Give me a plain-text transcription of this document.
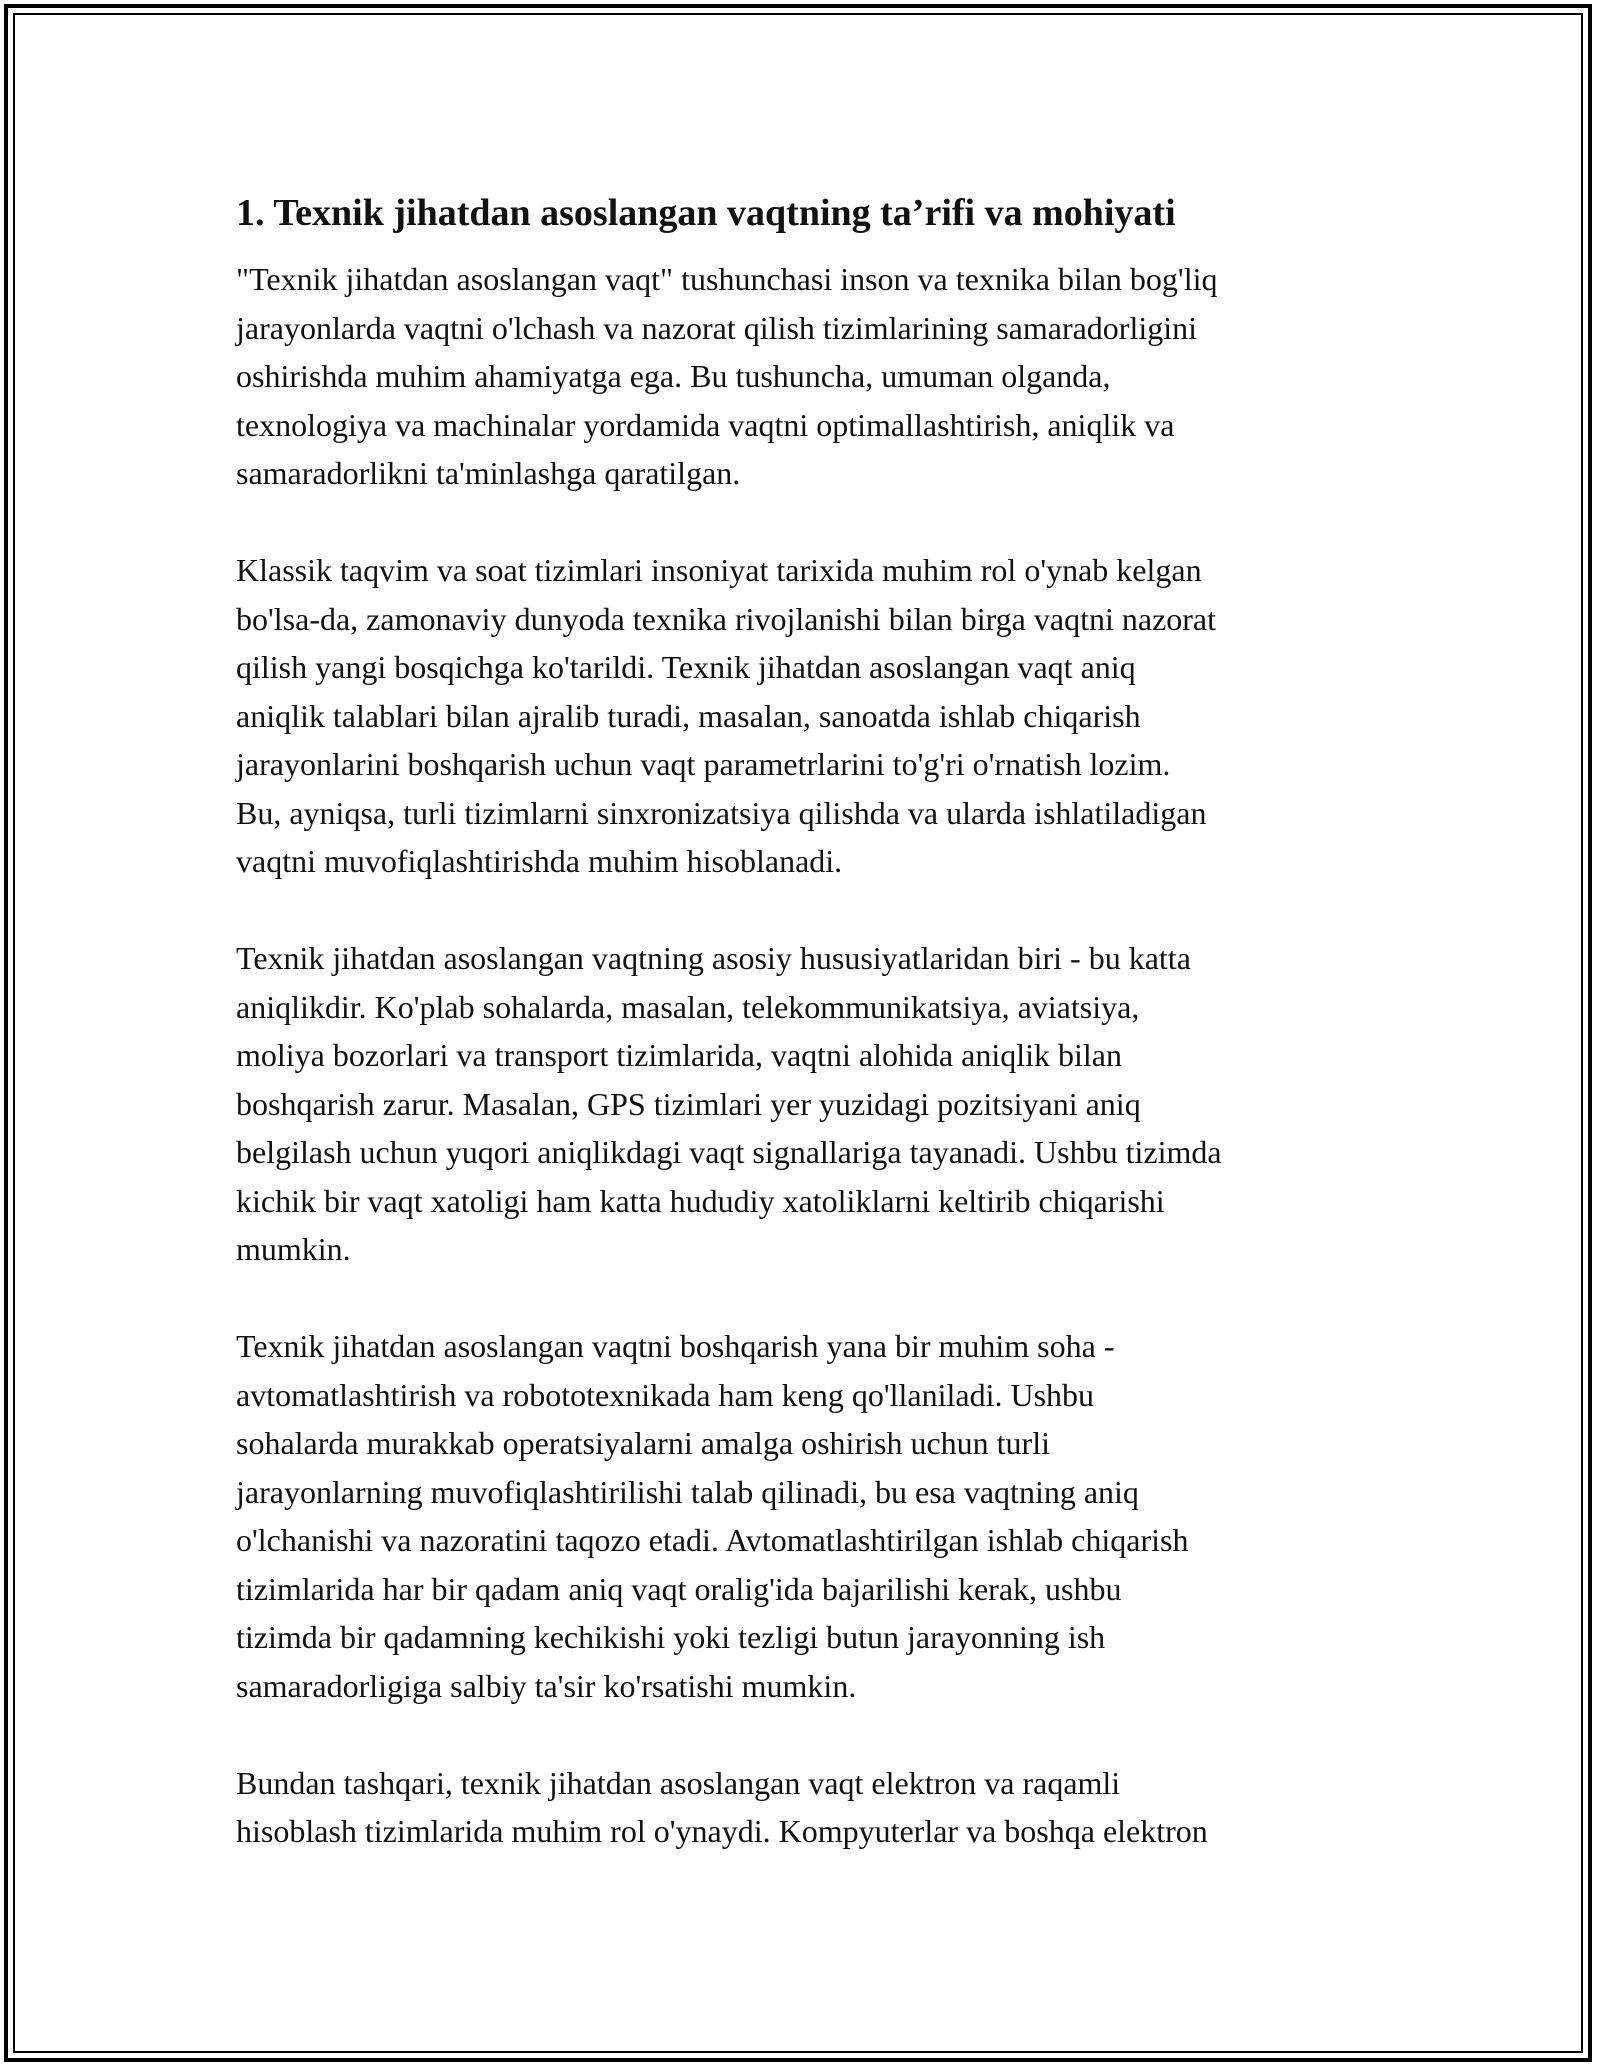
1. Texnik jihatdan asoslangan vaqtning ta’rifi va mohiyati

"Texnik jihatdan asoslangan vaqt" tushunchasi inson va texnika bilan bog'liq
jarayonlarda vaqtni o'lchash va nazorat qilish tizimlarining samaradorligini
oshirishda muhim ahamiyatga ega. Bu tushuncha, umuman olganda,
texnologiya va machinalar yordamida vaqtni optimallashtirish, aniqlik va
samaradorlikni ta'minlashga qaratilgan.

Klassik taqvim va soat tizimlari insoniyat tarixida muhim rol o'ynab kelgan
bo'lsa-da, zamonaviy dunyoda texnika rivojlanishi bilan birga vaqtni nazorat
qilish yangi bosqichga ko'tarildi. Texnik jihatdan asoslangan vaqt aniq
aniqlik talablari bilan ajralib turadi, masalan, sanoatda ishlab chiqarish
jarayonlarini boshqarish uchun vaqt parametrlarini to'g'ri o'rnatish lozim.
Bu, ayniqsa, turli tizimlarni sinxronizatsiya qilishda va ularda ishlatiladigan
vaqtni muvofiqlashtirishda muhim hisoblanadi.

Texnik jihatdan asoslangan vaqtning asosiy hususiyatlaridan biri - bu katta
aniqlikdir. Ko'plab sohalarda, masalan, telekommunikatsiya, aviatsiya,
moliya bozorlari va transport tizimlarida, vaqtni alohida aniqlik bilan
boshqarish zarur. Masalan, GPS tizimlari yer yuzidagi pozitsiyani aniq
belgilash uchun yuqori aniqlikdagi vaqt signallariga tayanadi. Ushbu tizimda
kichik bir vaqt xatoligi ham katta hududiy xatoliklarni keltirib chiqarishi
mumkin.

Texnik jihatdan asoslangan vaqtni boshqarish yana bir muhim soha -
avtomatlashtirish va robototexnikada ham keng qo'llaniladi. Ushbu
sohalarda murakkab operatsiyalarni amalga oshirish uchun turli
jarayonlarning muvofiqlashtirilishi talab qilinadi, bu esa vaqtning aniq
o'lchanishi va nazoratini taqozo etadi. Avtomatlashtirilgan ishlab chiqarish
tizimlarida har bir qadam aniq vaqt oralig'ida bajarilishi kerak, ushbu
tizimda bir qadamning kechikishi yoki tezligi butun jarayonning ish
samaradorligiga salbiy ta'sir ko'rsatishi mumkin.

Bundan tashqari, texnik jihatdan asoslangan vaqt elektron va raqamli
hisoblash tizimlarida muhim rol o'ynaydi. Kompyuterlar va boshqa elektron
